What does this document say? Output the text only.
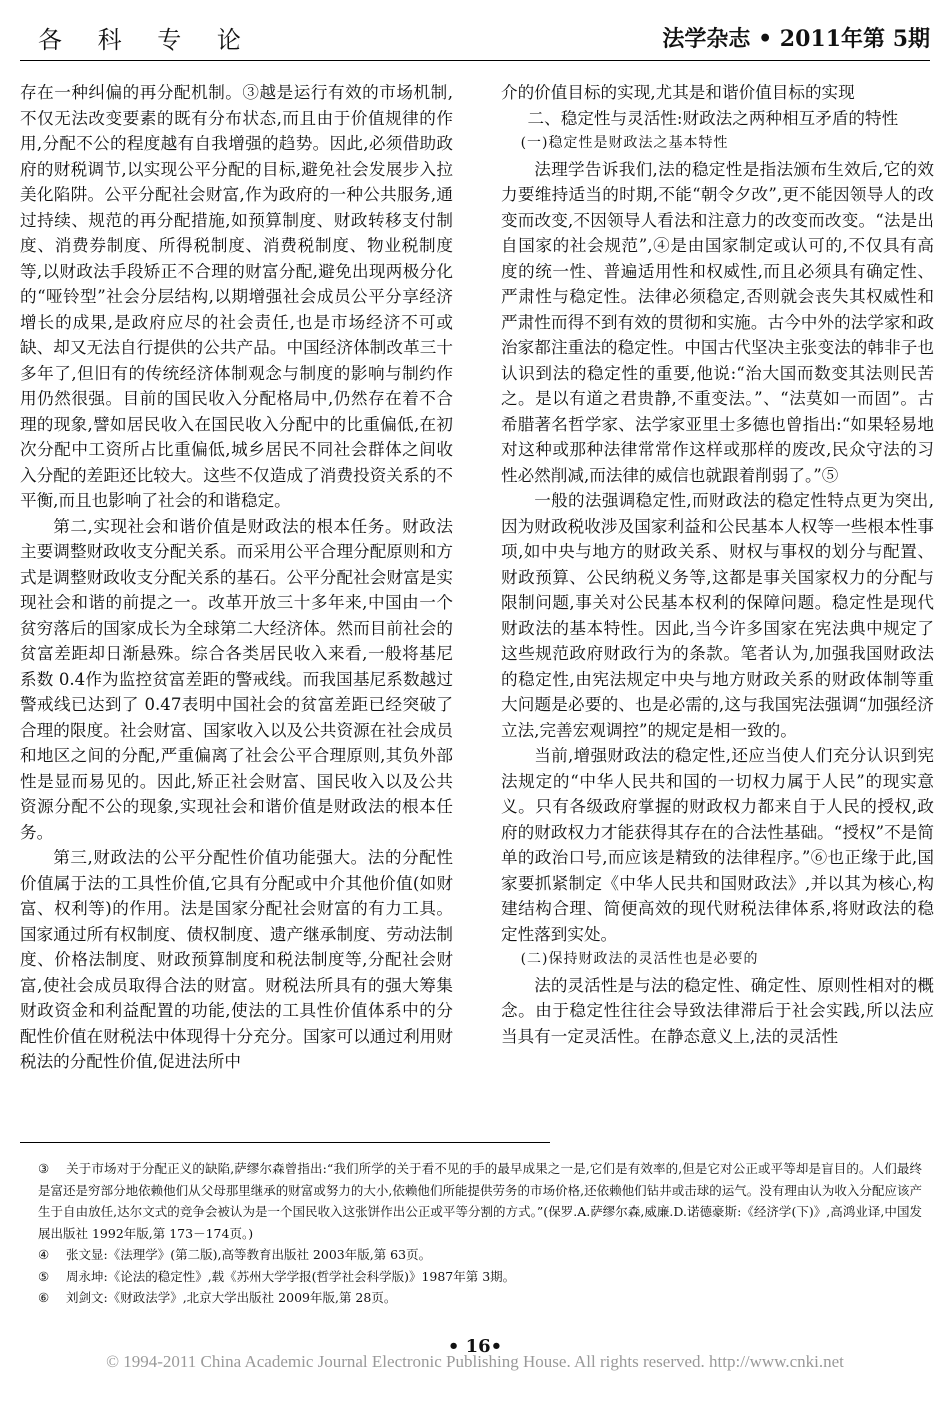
各 科 专 论	法学杂志 • 2011年第 5期

存在一种纠偏的再分配机制。③越是运行有效的市场机制,不仅无法改变要素的既有分布状态,而且由于价值规律的作用,分配不公的程度越有自我增强的趋势。因此,必须借助政府的财税调节,以实现公平分配的目标,避免社会发展步入拉美化陷阱。公平分配社会财富,作为政府的一种公共服务,通过持续、规范的再分配措施,如预算制度、财政转移支付制度、消费券制度、所得税制度、消费税制度、物业税制度等,以财政法手段矫正不合理的财富分配,避免出现两极分化的“哑铃型”社会分层结构,以期增强社会成员公平分享经济增长的成果,是政府应尽的社会责任,也是市场经济不可或缺、却又无法自行提供的公共产品。中国经济体制改革三十多年了,但旧有的传统经济体制观念与制度的影响与制约作用仍然很强。目前的国民收入分配格局中,仍然存在着不合理的现象,譬如居民收入在国民收入分配中的比重偏低,在初次分配中工资所占比重偏低,城乡居民不同社会群体之间收入分配的差距还比较大。这些不仅造成了消费投资关系的不平衡,而且也影响了社会的和谐稳定。

第二,实现社会和谐价值是财政法的根本任务。财政法主要调整财政收支分配关系。而采用公平合理分配原则和方式是调整财政收支分配关系的基石。公平分配社会财富是实现社会和谐的前提之一。改革开放三十多年来,中国由一个贫穷落后的国家成长为全球第二大经济体。然而目前社会的贫富差距却日渐悬殊。综合各类居民收入来看,一般将基尼系数 0.4作为监控贫富差距的警戒线。而我国基尼系数越过警戒线已达到了 0.47表明中国社会的贫富差距已经突破了合理的限度。社会财富、国家收入以及公共资源在社会成员和地区之间的分配,严重偏离了社会公平合理原则,其负外部性是显而易见的。因此,矫正社会财富、国民收入以及公共资源分配不公的现象,实现社会和谐价值是财政法的根本任务。

第三,财政法的公平分配性价值功能强大。法的分配性价值属于法的工具性价值,它具有分配或中介其他价值(如财富、权利等)的作用。法是国家分配社会财富的有力工具。国家通过所有权制度、债权制度、遗产继承制度、劳动法制度、价格法制度、财政预算制度和税法制度等,分配社会财富,使社会成员取得合法的财富。财税法所具有的强大筹集财政资金和利益配置的功能,使法的工具性价值体系中的分配性价值在财税法中体现得十分充分。国家可以通过利用财税法的分配性价值,促进法所中

介的价值目标的实现,尤其是和谐价值目标的实现

二、稳定性与灵活性:财政法之两种相互矛盾的特性

(一)稳定性是财政法之基本特性

法理学告诉我们,法的稳定性是指法颁布生效后,它的效力要维持适当的时期,不能“朝令夕改”,更不能因领导人的改变而改变,不因领导人看法和注意力的改变而改变。“法是出自国家的社会规范”,④是由国家制定或认可的,不仅具有高度的统一性、普遍适用性和权威性,而且必须具有确定性、严肃性与稳定性。法律必须稳定,否则就会丧失其权威性和严肃性而得不到有效的贯彻和实施。古今中外的法学家和政治家都注重法的稳定性。中国古代坚决主张变法的韩非子也认识到法的稳定性的重要,他说:“治大国而数变其法则民苦之。是以有道之君贵静,不重变法。”、“法莫如一而固”。古希腊著名哲学家、法学家亚里士多德也曾指出:“如果轻易地对这种或那种法律常常作这样或那样的废改,民众守法的习性必然削减,而法律的威信也就跟着削弱了。”⑤

一般的法强调稳定性,而财政法的稳定性特点更为突出,因为财政税收涉及国家利益和公民基本人权等一些根本性事项,如中央与地方的财政关系、财权与事权的划分与配置、财政预算、公民纳税义务等,这都是事关国家权力的分配与限制问题,事关对公民基本权利的保障问题。稳定性是现代财政法的基本特性。因此,当今许多国家在宪法典中规定了这些规范政府财政行为的条款。笔者认为,加强我国财政法的稳定性,由宪法规定中央与地方财政关系的财政体制等重大问题是必要的、也是必需的,这与我国宪法强调“加强经济立法,完善宏观调控”的规定是相一致的。

当前,增强财政法的稳定性,还应当使人们充分认识到宪法规定的“中华人民共和国的一切权力属于人民”的现实意义。只有各级政府掌握的财政权力都来自于人民的授权,政府的财政权力才能获得其存在的合法性基础。“授权”不是简单的政治口号,而应该是精致的法律程序。”⑥也正缘于此,国家要抓紧制定《中华人民共和国财政法》,并以其为核心,构建结构合理、简便高效的现代财税法律体系,将财政法的稳定性落到实处。

(二)保持财政法的灵活性也是必要的

法的灵活性是与法的稳定性、确定性、原则性相对的概念。由于稳定性往往会导致法律滞后于社会实践,所以法应当具有一定灵活性。在静态意义上,法的灵活性

③ 关于市场对于分配正义的缺陷,萨缪尔森曾指出:“我们所学的关于看不见的手的最早成果之一是,它们是有效率的,但是它对公正或平等却是盲目的。人们最终是富还是穷部分地依赖他们从父母那里继承的财富或努力的大小,依赖他们所能提供劳务的市场价格,还依赖他们钻井或击球的运气。没有理由认为收入分配应该产生于自由放任,达尔文式的竞争会被认为是一个国民收入这张饼作出公正或平等分割的方式。”(保罗.A.萨缪尔森,威廉.D.诺德豪斯:《经济学(下)》,高鸿业译,中国发展出版社 1992年版,第 173－174页。)

④ 张文显:《法理学》(第二版),高等教育出版社 2003年版,第 63页。

⑤ 周永坤:《论法的稳定性》,载《苏州大学学报(哲学社会科学版)》1987年第 3期。

⑥ 刘剑文:《财政法学》,北京大学出版社 2009年版,第 28页。

• 16•
© 1994-2011 China Academic Journal Electronic Publishing House. All rights reserved. http://www.cnki.net
